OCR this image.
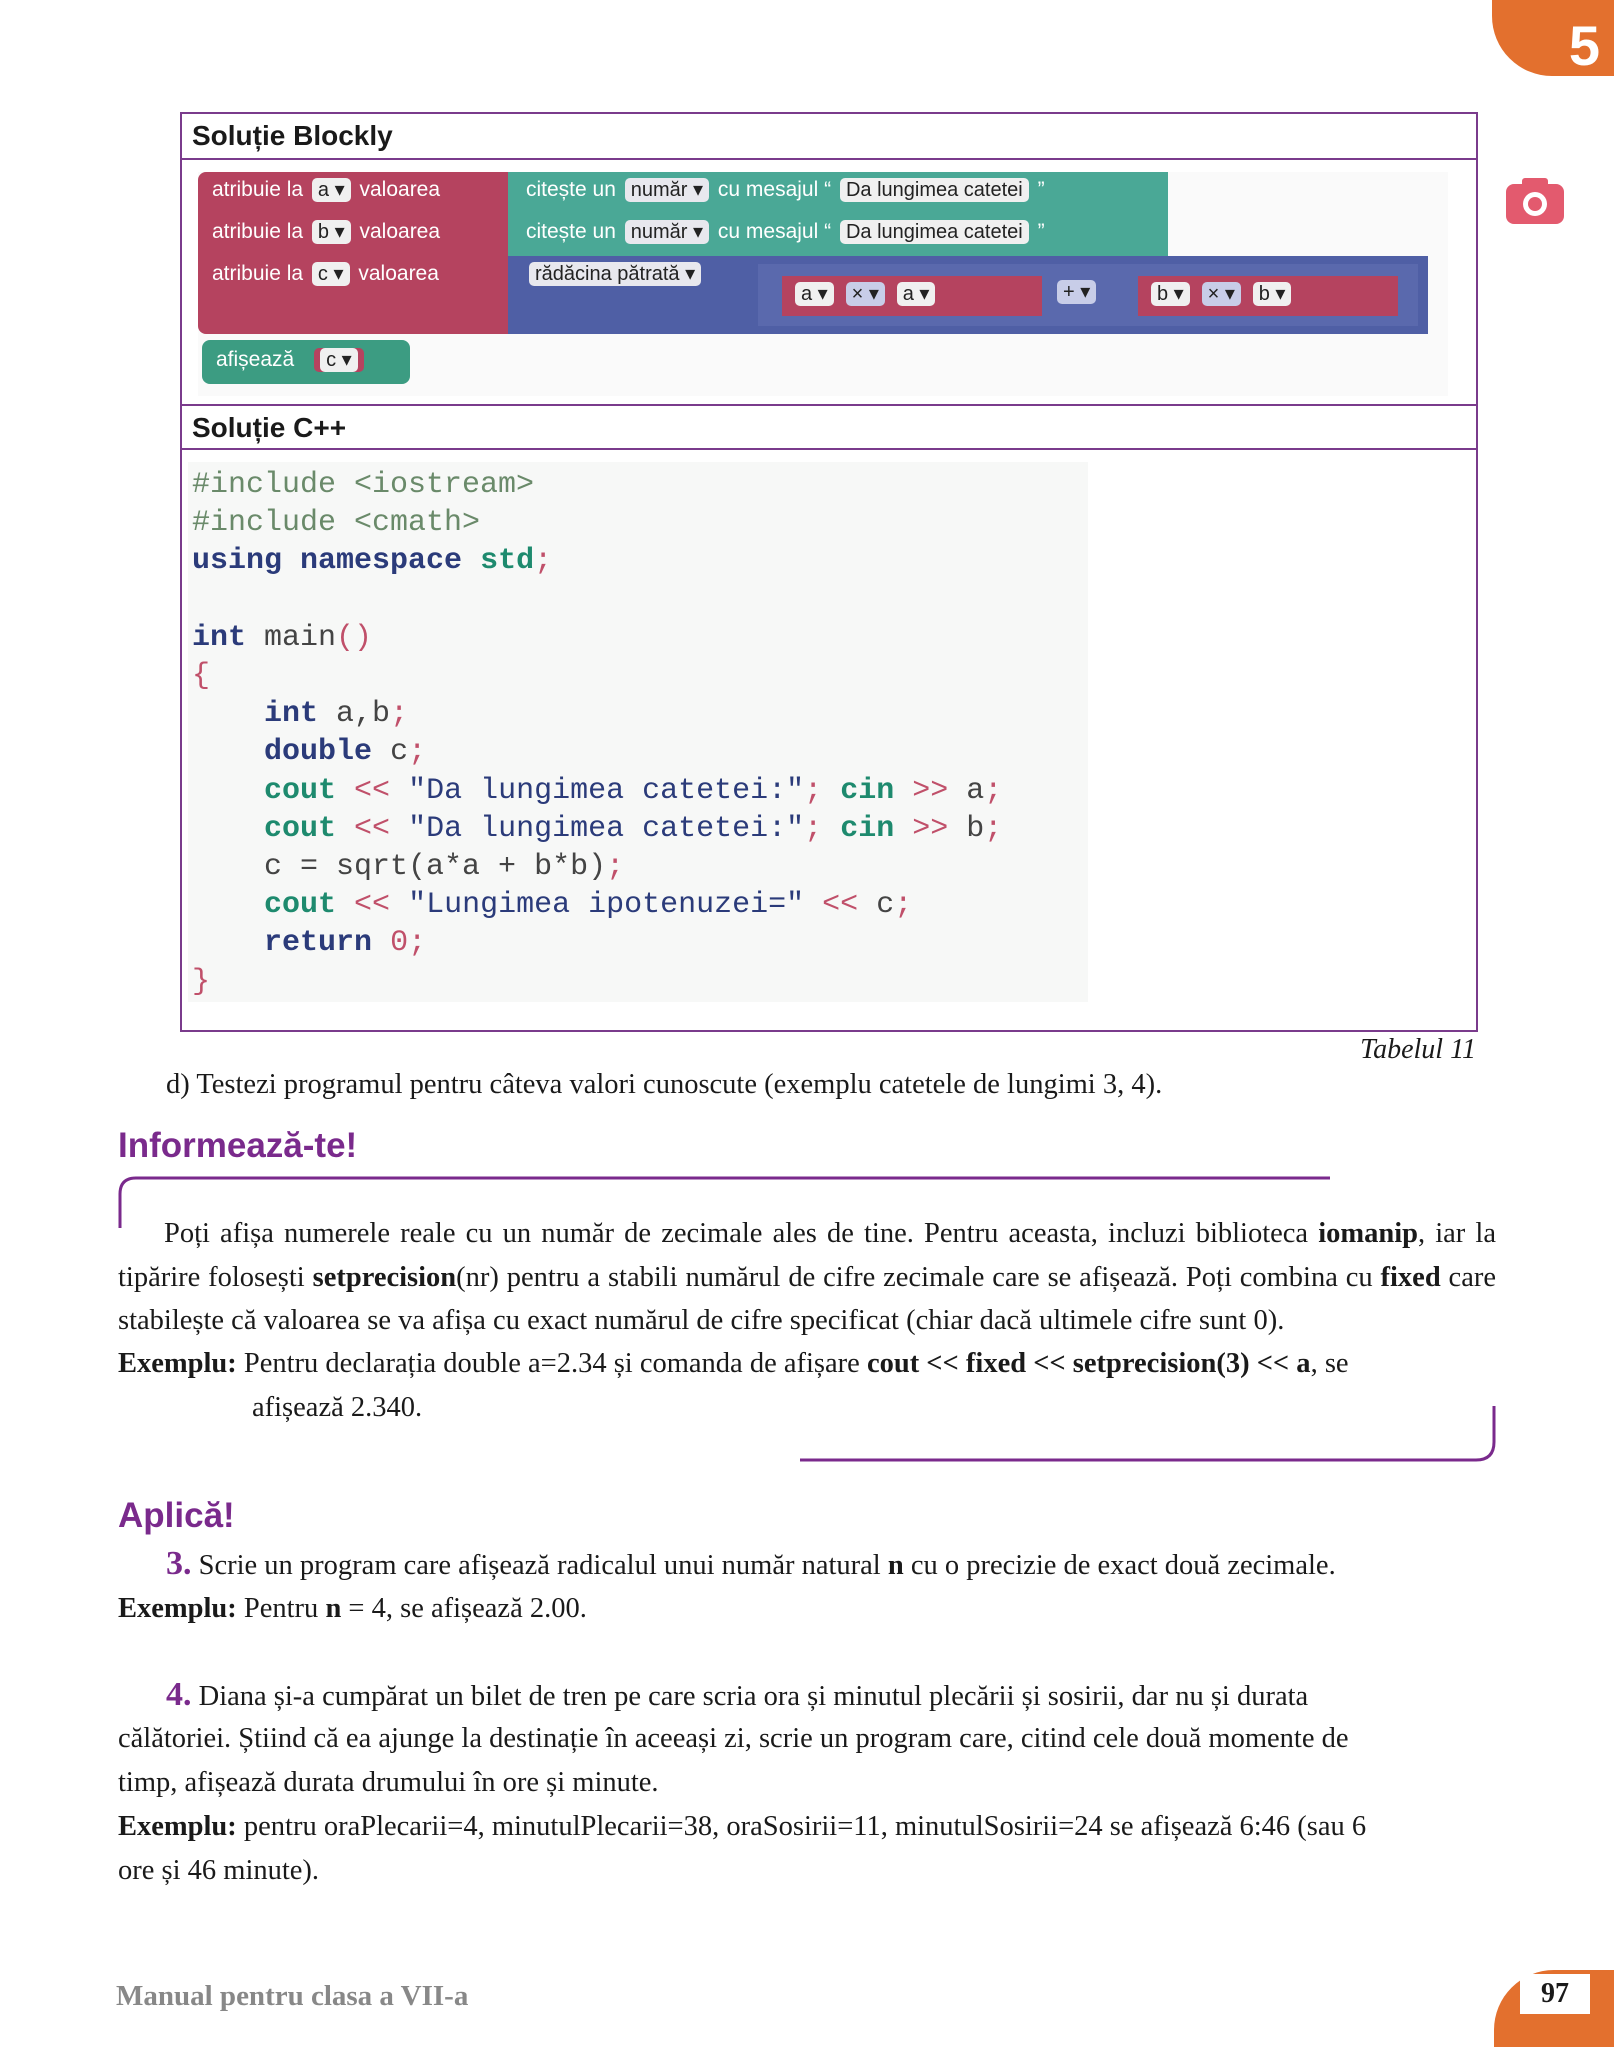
5
Soluție Blockly
atribuie la a ▾ valoarea	citește un număr ▾ cu mesajul “ Da lungimea catetei ”
atribuie la b ▾ valoarea	citește un număr ▾ cu mesajul “ Da lungimea catetei ”
atribuie la c ▾ valoarea	rădăcina pătrată ▾
a ▾ × ▾ a ▾	+ ▾	b ▾ × ▾ b ▾
afișează c ▾
Soluție C++
#include <iostream>
#include <cmath>
using namespace std;

int main()
{
int a,b;
double c;
cout << "Da lungimea catetei:"; cin >> a;
cout << "Da lungimea catetei:"; cin >> b;
c = sqrt(a*a + b*b);
cout << "Lungimea ipotenuzei=" << c;
return 0;
}
Tabelul 11
d) Testezi programul pentru câteva valori cunoscute (exemplu catetele de lungimi 3, 4).
Informează-te!
Poți afișa numerele reale cu un număr de zecimale ales de tine. Pentru aceasta, incluzi biblioteca iomanip, iar la tipărire folosești setprecision(nr) pentru a stabili numărul de cifre zecimale care se afișează. Poți combina cu fixed care stabilește că valoarea se va afișa cu exact numărul de cifre specificat (chiar dacă ultimele cifre sunt 0).
Exemplu: Pentru declarația double a=2.34 și comanda de afișare cout << fixed << setprecision(3) << a, se
afișează 2.340.
Aplică!
3. Scrie un program care afișează radicalul unui număr natural n cu o precizie de exact două zecimale.
Exemplu: Pentru n = 4, se afișează 2.00.
4. Diana și-a cumpărat un bilet de tren pe care scria ora și minutul plecării și sosirii, dar nu și durata
călătoriei. Știind că ea ajunge la destinație în aceeași zi, scrie un program care, citind cele două momente de
timp, afișează durata drumului în ore și minute.
Exemplu: pentru oraPlecarii=4, minutulPlecarii=38, oraSosirii=11, minutulSosirii=24 se afișează 6:46 (sau 6
ore și 46 minute).
Manual pentru clasa a VII-a	97
